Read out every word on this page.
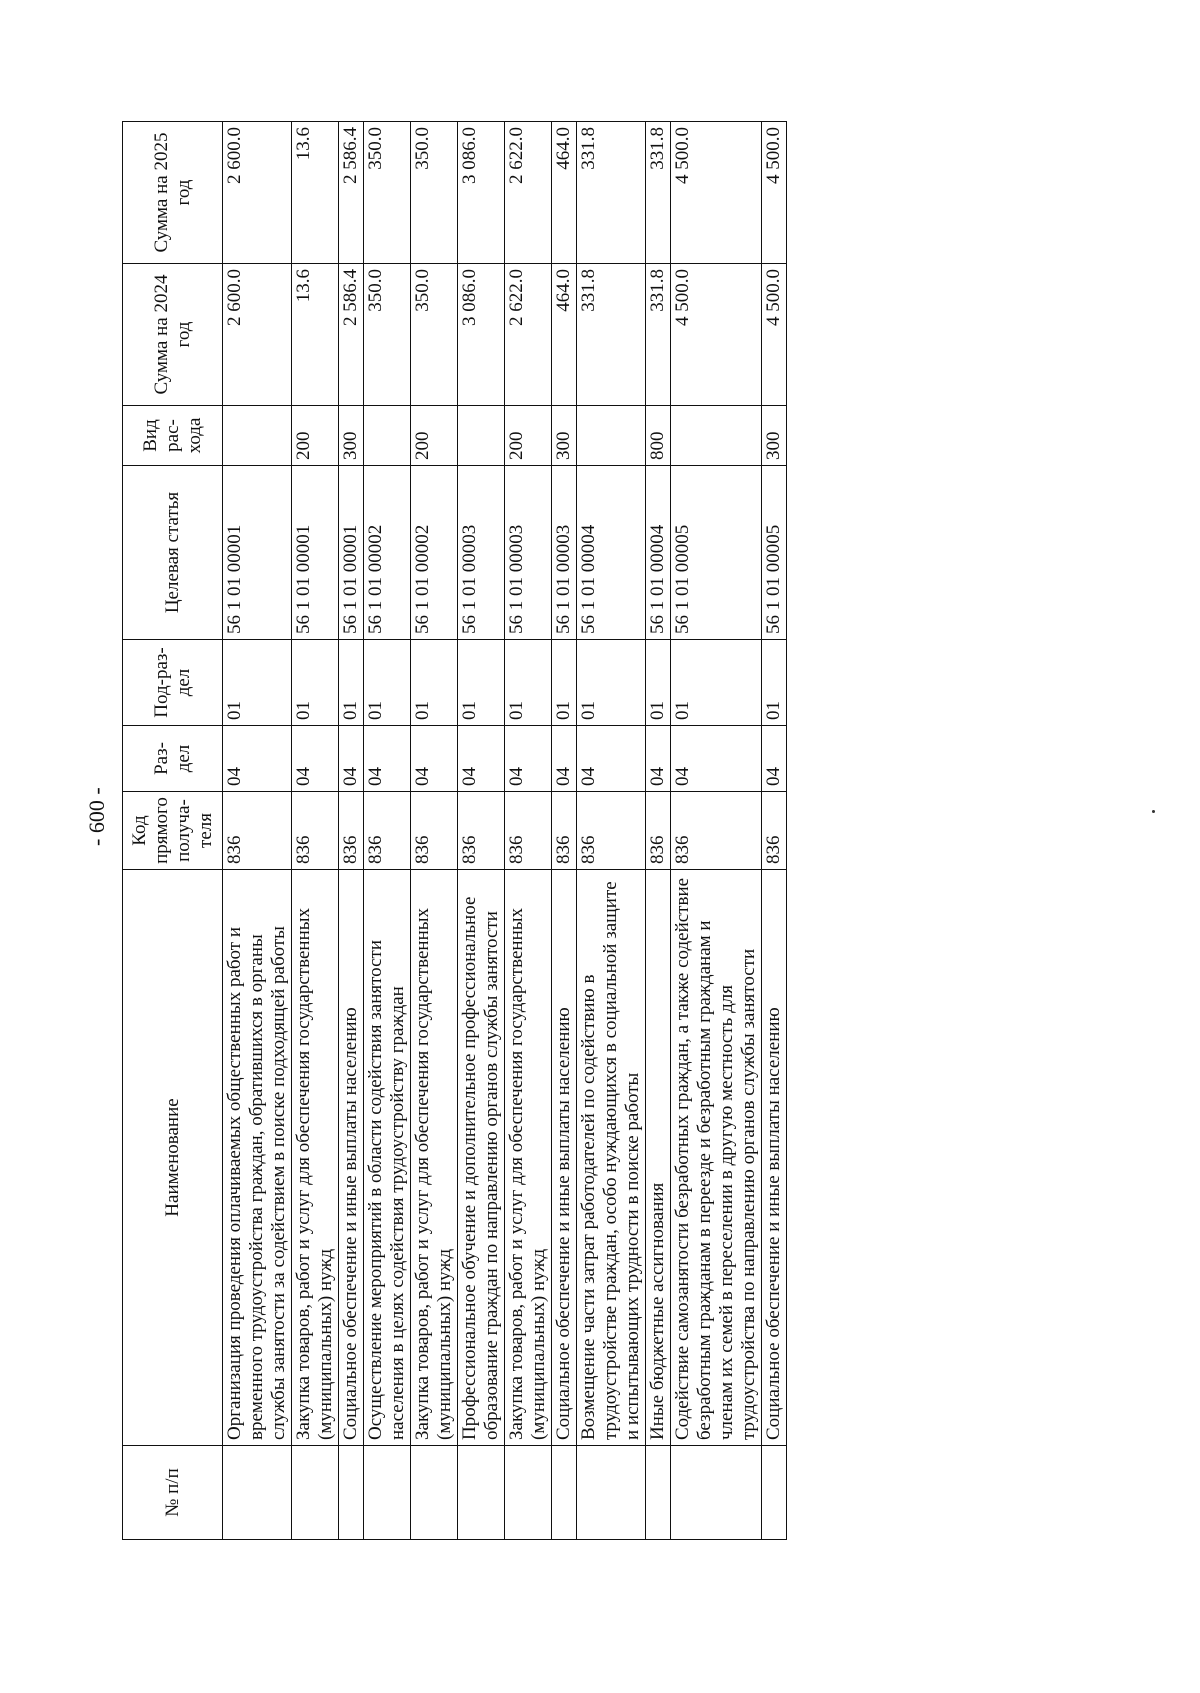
- 600 -
№ п/п	Наименование	Код прямого получа-теля	Раз-дел	Под-раз-дел	Целевая статья	Вид рас-хода	Сумма на 2024 год	Сумма на 2025 год
	Организация проведения оплачиваемых общественных работ и временного трудоустройства граждан, обратившихся в органы службы занятости за содействием в поиске подходящей работы	836	04	01	56 1 01 00001		2 600.0	2 600.0
	Закупка товаров, работ и услуг для обеспечения государственных (муниципальных) нужд	836	04	01	56 1 01 00001	200	13.6	13.6
	Социальное обеспечение и иные выплаты населению	836	04	01	56 1 01 00001	300	2 586.4	2 586.4
	Осуществление мероприятий в области содействия занятости населения в целях содействия трудоустройству граждан	836	04	01	56 1 01 00002		350.0	350.0
	Закупка товаров, работ и услуг для обеспечения государственных (муниципальных) нужд	836	04	01	56 1 01 00002	200	350.0	350.0
	Профессиональное обучение и дополнительное профессиональное образование граждан по направлению органов службы занятости	836	04	01	56 1 01 00003		3 086.0	3 086.0
	Закупка товаров, работ и услуг для обеспечения государственных (муниципальных) нужд	836	04	01	56 1 01 00003	200	2 622.0	2 622.0
	Социальное обеспечение и иные выплаты населению	836	04	01	56 1 01 00003	300	464.0	464.0
	Возмещение части затрат работодателей по содействию в трудоустройстве граждан, особо нуждающихся в социальной защите и испытывающих трудности в поиске работы	836	04	01	56 1 01 00004		331.8	331.8
	Иные бюджетные ассигнования	836	04	01	56 1 01 00004	800	331.8	331.8
	Содействие самозанятости безработных граждан, а также содействие безработным гражданам в переезде и безработным гражданам и членам их семей в переселении в другую местность для трудоустройства по направлению органов службы занятости	836	04	01	56 1 01 00005		4 500.0	4 500.0
	Социальное обеспечение и иные выплаты населению	836	04	01	56 1 01 00005	300	4 500.0	4 500.0
